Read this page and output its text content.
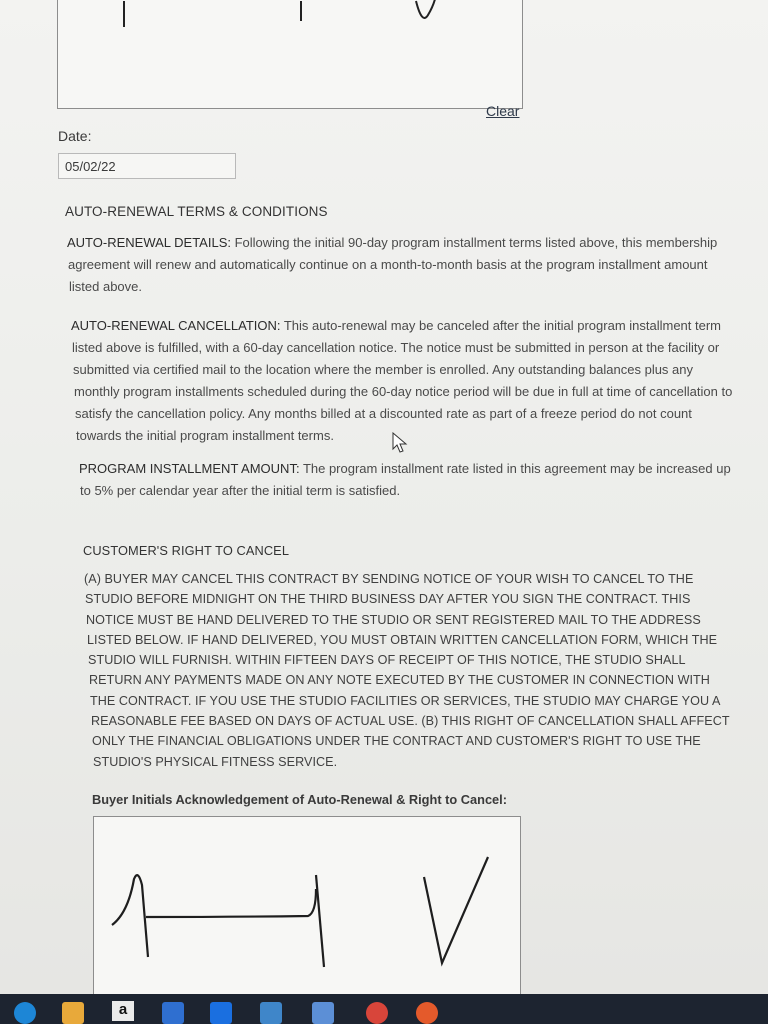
Clear
Date:
05/02/22
AUTO-RENEWAL TERMS & CONDITIONS
AUTO-RENEWAL DETAILS: Following the initial 90-day program installment terms listed above, this membership
agreement will renew and automatically continue on a month-to-month basis at the program installment amount
listed above.
AUTO-RENEWAL CANCELLATION: This auto-renewal may be canceled after the initial program installment term
listed above is fulfilled, with a 60-day cancellation notice. The notice must be submitted in person at the facility or
submitted via certified mail to the location where the member is enrolled. Any outstanding balances plus any
monthly program installments scheduled during the 60-day notice period will be due in full at time of cancellation to
satisfy the cancellation policy. Any months billed at a discounted rate as part of a freeze period do not count
towards the initial program installment terms.
PROGRAM INSTALLMENT AMOUNT: The program installment rate listed in this agreement may be increased up
to 5% per calendar year after the initial term is satisfied.
CUSTOMER'S RIGHT TO CANCEL
(A) BUYER MAY CANCEL THIS CONTRACT BY SENDING NOTICE OF YOUR WISH TO CANCEL TO THE
STUDIO BEFORE MIDNIGHT ON THE THIRD BUSINESS DAY AFTER YOU SIGN THE CONTRACT. THIS
NOTICE MUST BE HAND DELIVERED TO THE STUDIO OR SENT REGISTERED MAIL TO THE ADDRESS
LISTED BELOW. IF HAND DELIVERED, YOU MUST OBTAIN WRITTEN CANCELLATION FORM, WHICH THE
STUDIO WILL FURNISH. WITHIN FIFTEEN DAYS OF RECEIPT OF THIS NOTICE, THE STUDIO SHALL
RETURN ANY PAYMENTS MADE ON ANY NOTE EXECUTED BY THE CUSTOMER IN CONNECTION WITH
THE CONTRACT. IF YOU USE THE STUDIO FACILITIES OR SERVICES, THE STUDIO MAY CHARGE YOU A
REASONABLE FEE BASED ON DAYS OF ACTUAL USE. (B) THIS RIGHT OF CANCELLATION SHALL AFFECT
ONLY THE FINANCIAL OBLIGATIONS UNDER THE CONTRACT AND CUSTOMER'S RIGHT TO USE THE
STUDIO'S PHYSICAL FITNESS SERVICE.
Buyer Initials Acknowledgement of Auto-Renewal & Right to Cancel:
a
